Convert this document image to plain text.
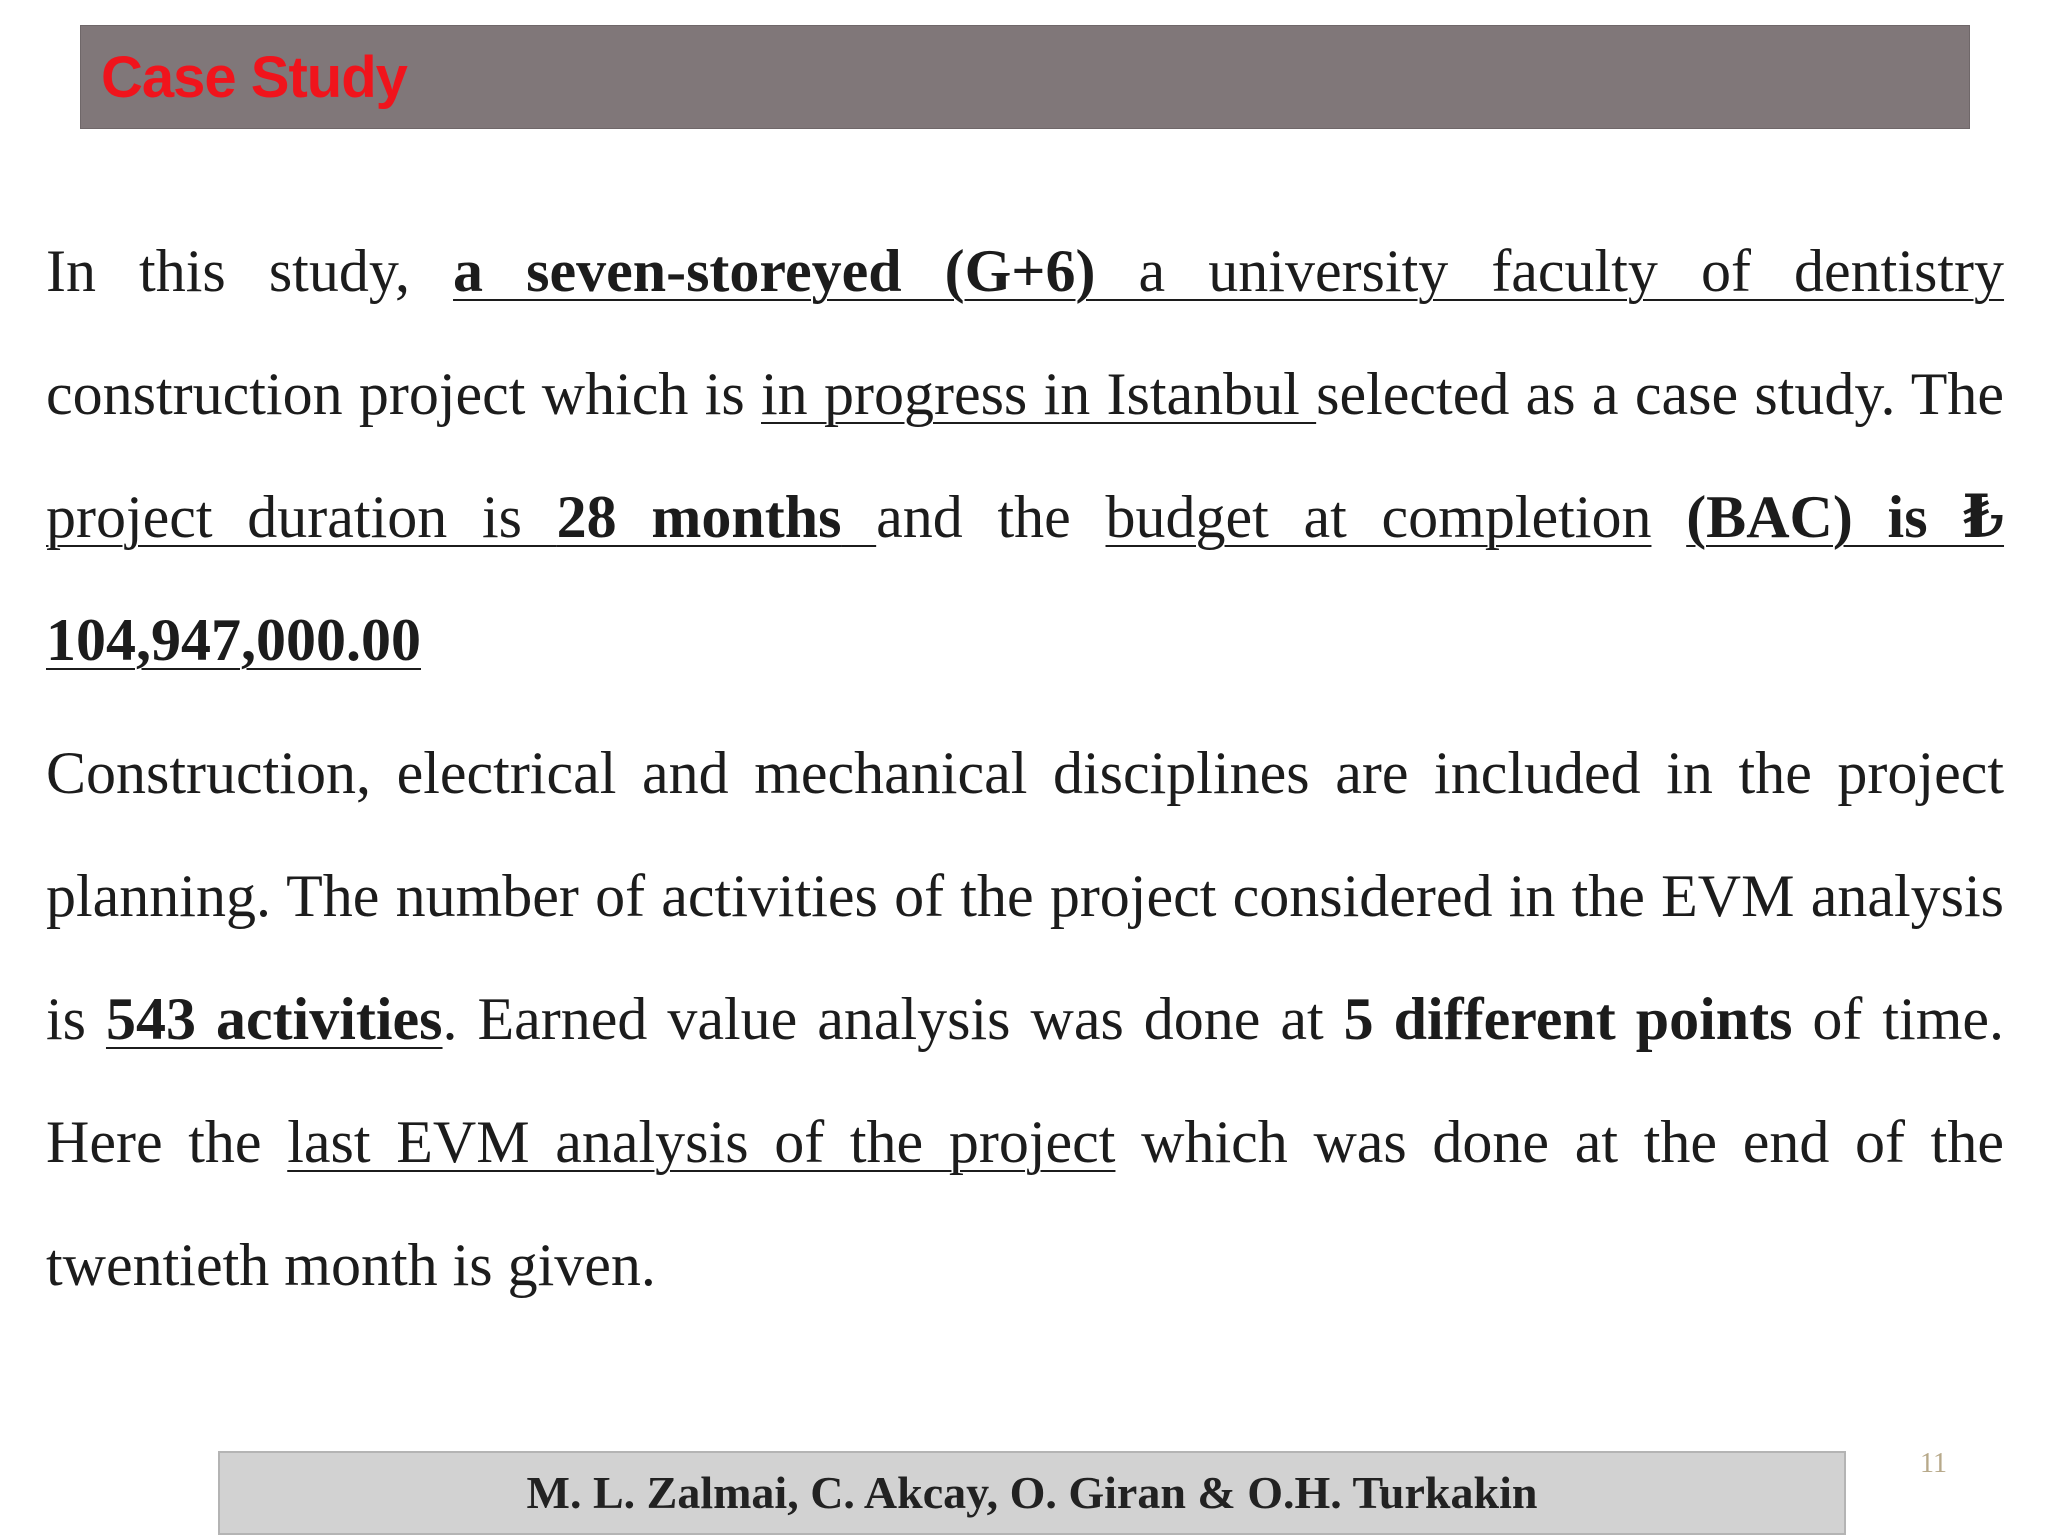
Case Study

In this study, a seven-storeyed (G+6) a university faculty of dentistry construction project which is in progress in Istanbul selected as a case study. The project duration is 28 months and the budget at completion (BAC) is ₺ 104,947,000.00

Construction, electrical and mechanical disciplines are included in the project planning. The number of activities of the project considered in the EVM analysis is 543 activities. Earned value analysis was done at 5 different points of time. Here the last EVM analysis of the project which was done at the end of the twentieth month is given.

M. L. Zalmai, C. Akcay, O. Giran & O.H. Turkakin
11
